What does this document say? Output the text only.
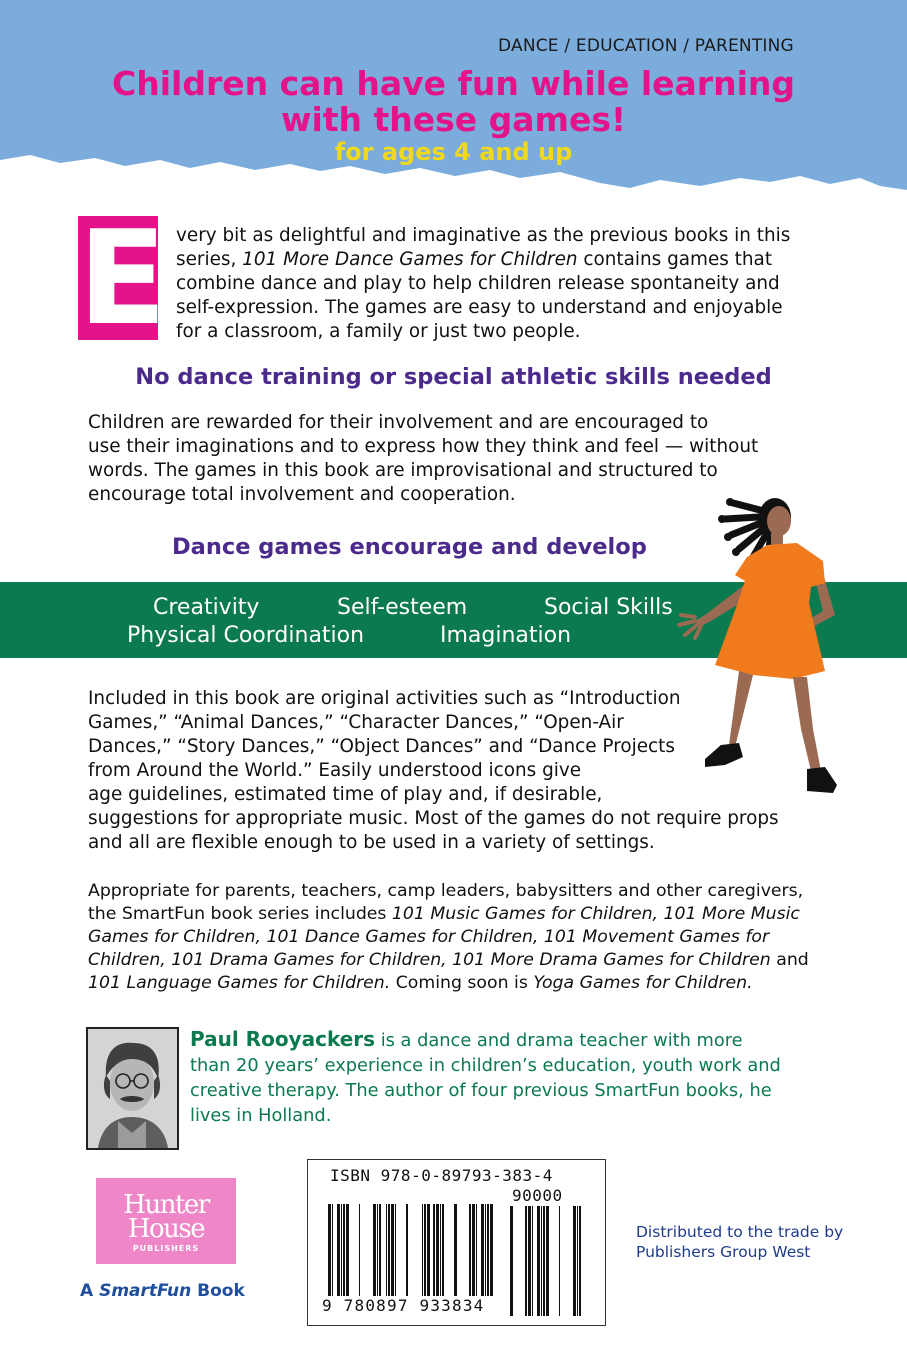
DANCE / EDUCATION / PARENTING
Children can have fun while learning
with these games!
for ages 4 and up
E very bit as delightful and imaginative as the previous books in this
series, 101 More Dance Games for Children contains games that
combine dance and play to help children release spontaneity and
self-expression. The games are easy to understand and enjoyable
for a classroom, a family or just two people.
No dance training or special athletic skills needed
Children are rewarded for their involvement and are encouraged to
use their imaginations and to express how they think and feel — without
words. The games in this book are improvisational and structured to
encourage total involvement and cooperation.
Dance games encourage and develop
Creativity	Self-esteem	Social Skills
Physical Coordination	Imagination
Included in this book are original activities such as “Introduction
Games,” “Animal Dances,” “Character Dances,” “Open-Air
Dances,” “Story Dances,” “Object Dances” and “Dance Projects
from Around the World.” Easily understood icons give
age guidelines, estimated time of play and, if desirable,
suggestions for appropriate music. Most of the games do not require props
and all are flexible enough to be used in a variety of settings.
Appropriate for parents, teachers, camp leaders, babysitters and other caregivers,
the SmartFun book series includes 101 Music Games for Children, 101 More Music
Games for Children, 101 Dance Games for Children, 101 Movement Games for
Children, 101 Drama Games for Children, 101 More Drama Games for Children and
101 Language Games for Children. Coming soon is Yoga Games for Children.
Paul Rooyackers is a dance and drama teacher with more
than 20 years’ experience in children’s education, youth work and
creative therapy. The author of four previous SmartFun books, he
lives in Holland.
ISBN 978-0-89793-383-4
90000
9 780897 933834
Hunter
House
PUBLISHERS
A SmartFun Book
Distributed to the trade by
Publishers Group West
